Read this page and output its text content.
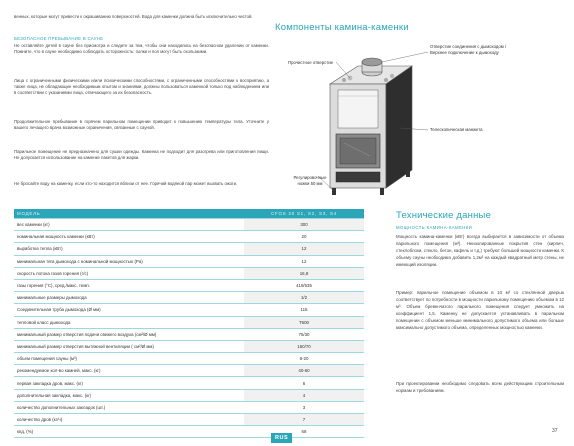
венных, которые могут привести к окрашиванию поверхностей. Вода для каменки должна быть исключительно чистой.

БЕЗОПАСНОЕ ПРЕБЫВАНИЕ В САУНЕ

Не оставляйте детей в сауне без присмотра и следите за тем, чтобы они находились на безопасном удалении от каменки. Помните, что в сауне необходимо соблюдать осторожность: полки и пол могут быть скользкими.

Лица с ограниченными физическими и/или психическими способностями, с ограниченными способностями к восприятию, а также лица, не обладающие необходимым опытом и знаниями, должны пользоваться каменкой только под наблюдением или в соответствии с указаниями лица, отвечающего за их безопасность.

Продолжительное пребывание в горячем парильном помещении приводит к повышению температуры тела. Уточните у вашего лечащего врача возможные ограничения, связанные с сауной.

Парильное помещение не предназначено для сушки одежды. Каменка не подходит для разогрева или приготовления пищи. Не допускается использование на каменке пакетов для жарки.

Не бросайте воду на каменку, если кто-то находится вблизи от нее. Горячий водяной пар может вызвать ожоги.

Компоненты камина-каменки
Отверстие соединения с дымоходом / Верхнее подключение к дымоходу
Прочистное отверстие
Телескопическая манжета
Регулировочные ножки 50 мм
МОДЕЛЬ	CFOS 20 S1, S2, S3, S4
вес каменки (кг)	300
номинальная мощность каменки (кВт)	20
выработка тепла (кВт)	12
минимальная тяга дымохода с номинальной мощностью (Pa)	12
скорость потока газов горения (г/с)	16,8
газы горения (°C), сред./макс. темп.	418/535
минимальные размеры дымохода	1/2
Соединительная труба дымохода (Ø мм)	115
тепловой класс дымохода	T600
минимальный размер отверстия подачи свежего воздуха (см²/Ø мм)	75/30
минимальный размер отверстия вытяжной вентиляции ( см²/Ø мм)	150/70
объем помещения сауны (м³)	8-20
рекомендуемое кол-во камней, макс. (кг)	40-60
первая закладка дров, макс. (кг)	6
дополнительная закладка, макс. (кг)	4
количество дополнительных закладок (шт.)	3
количество дров (кг/ч)	7
кпд, (%)	68
Технические данные
МОЩНОСТЬ КАМИНА-КАМЕНКИ

Мощность камина-каменки (кВт) всегда выбирается в зависимости от объема парильного помещения (м³). Неизолированные покрытия стен (кирпич, стеклоблоки, стекло, бетон, кафель и т.д.) требуют большей мощности каменки. К объему сауны необходимо добавить 1,2м³ на каждый квадратный метр стены, не имеющий изоляции.

Пример: парильное помещение объемом в 10 м³ со стеклянной дверью соответствует по потребности в мощности парильному помещению объемом в 12 м³. Объем бревенчатого парильного помещения следует умножить на коэффициент 1,5. Каменку не допускается устанавливать в парильном помещении с объемом меньше минимального допустимого объема или больше максимально допустимого объема, определенных мощностью каменки.

При проектировании необходимо следовать всем действующим строительным нормам и требованиям.

RUS
37
